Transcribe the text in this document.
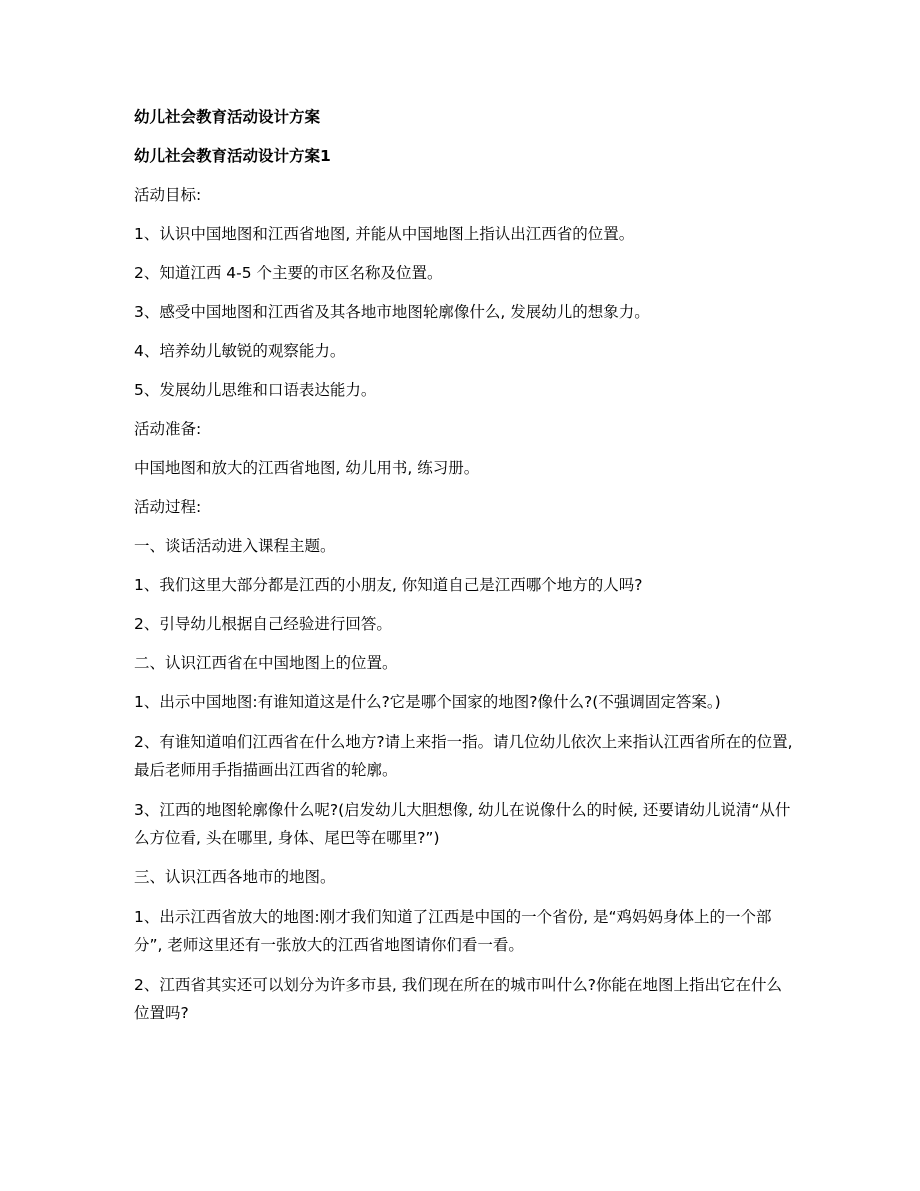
幼儿社会教育活动设计方案

幼儿社会教育活动设计方案1

活动目标:

1、认识中国地图和江西省地图, 并能从中国地图上指认出江西省的位置。

2、知道江西 4-5 个主要的市区名称及位置。

3、感受中国地图和江西省及其各地市地图轮廓像什么, 发展幼儿的想象力。

4、培养幼儿敏锐的观察能力。

5、发展幼儿思维和口语表达能力。

活动准备:

中国地图和放大的江西省地图, 幼儿用书, 练习册。

活动过程:

一、谈话活动进入课程主题。

1、我们这里大部分都是江西的小朋友, 你知道自己是江西哪个地方的人吗?

2、引导幼儿根据自己经验进行回答。

二、认识江西省在中国地图上的位置。

1、出示中国地图:有谁知道这是什么?它是哪个国家的地图?像什么?(不强调固定答案。)

2、有谁知道咱们江西省在什么地方?请上来指一指。请几位幼儿依次上来指认江西省所在的位置, 最后老师用手指描画出江西省的轮廓。

3、江西的地图轮廓像什么呢?(启发幼儿大胆想像, 幼儿在说像什么的时候, 还要请幼儿说清“从什么方位看, 头在哪里, 身体、尾巴等在哪里?”)

三、认识江西各地市的地图。

1、出示江西省放大的地图:刚才我们知道了江西是中国的一个省份, 是“鸡妈妈身体上的一个部分”, 老师这里还有一张放大的江西省地图请你们看一看。

2、江西省其实还可以划分为许多市县, 我们现在所在的城市叫什么?你能在地图上指出它在什么位置吗?
